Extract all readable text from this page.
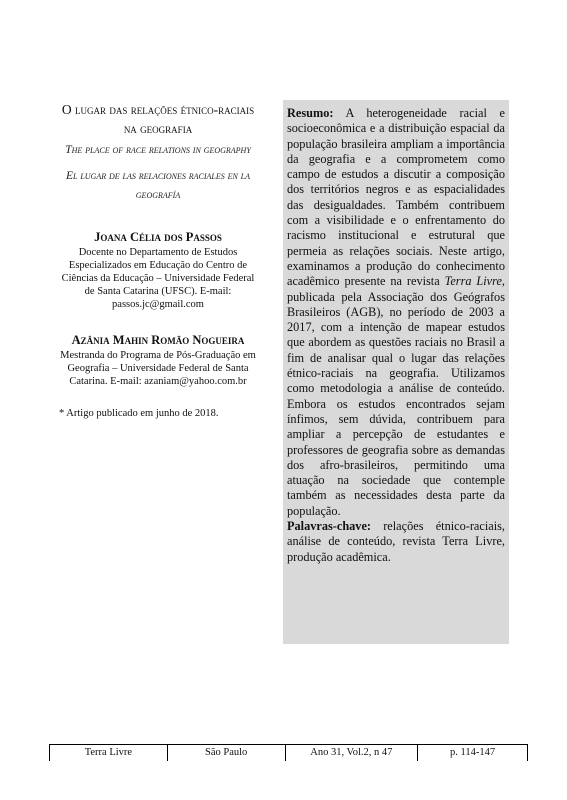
O lugar das relações étnico-raciais na geografia
The place of race relations in geography
El lugar de las relaciones raciales en la geografía
Joana Célia dos Passos
Docente no Departamento de Estudos Especializados em Educação do Centro de Ciências da Educação – Universidade Federal de Santa Catarina (UFSC). E-mail: passos.jc@gmail.com
Azânia Mahin Romão Nogueira
Mestranda do Programa de Pós-Graduação em Geografia – Universidade Federal de Santa Catarina. E-mail: azaniam@yahoo.com.br
* Artigo publicado em junho de 2018.
Resumo: A heterogeneidade racial e socioeconômica e a distribuição espacial da população brasileira ampliam a importância da geografia e a comprometem como campo de estudos a discutir a composição dos territórios negros e as espacialidades das desigualdades. Também contribuem com a visibilidade e o enfrentamento do racismo institucional e estrutural que permeia as relações sociais. Neste artigo, examinamos a produção do conhecimento acadêmico presente na revista Terra Livre, publicada pela Associação dos Geógrafos Brasileiros (AGB), no período de 2003 a 2017, com a intenção de mapear estudos que abordem as questões raciais no Brasil a fim de analisar qual o lugar das relações étnico-raciais na geografia. Utilizamos como metodologia a análise de conteúdo. Embora os estudos encontrados sejam ínfimos, sem dúvida, contribuem para ampliar a percepção de estudantes e professores de geografia sobre as demandas dos afro-brasileiros, permitindo uma atuação na sociedade que contemple também as necessidades desta parte da população.
Palavras-chave: relações étnico-raciais, análise de conteúdo, revista Terra Livre, produção acadêmica.
Terra Livre	São Paulo	Ano 31, Vol.2, n 47	p. 114-147
